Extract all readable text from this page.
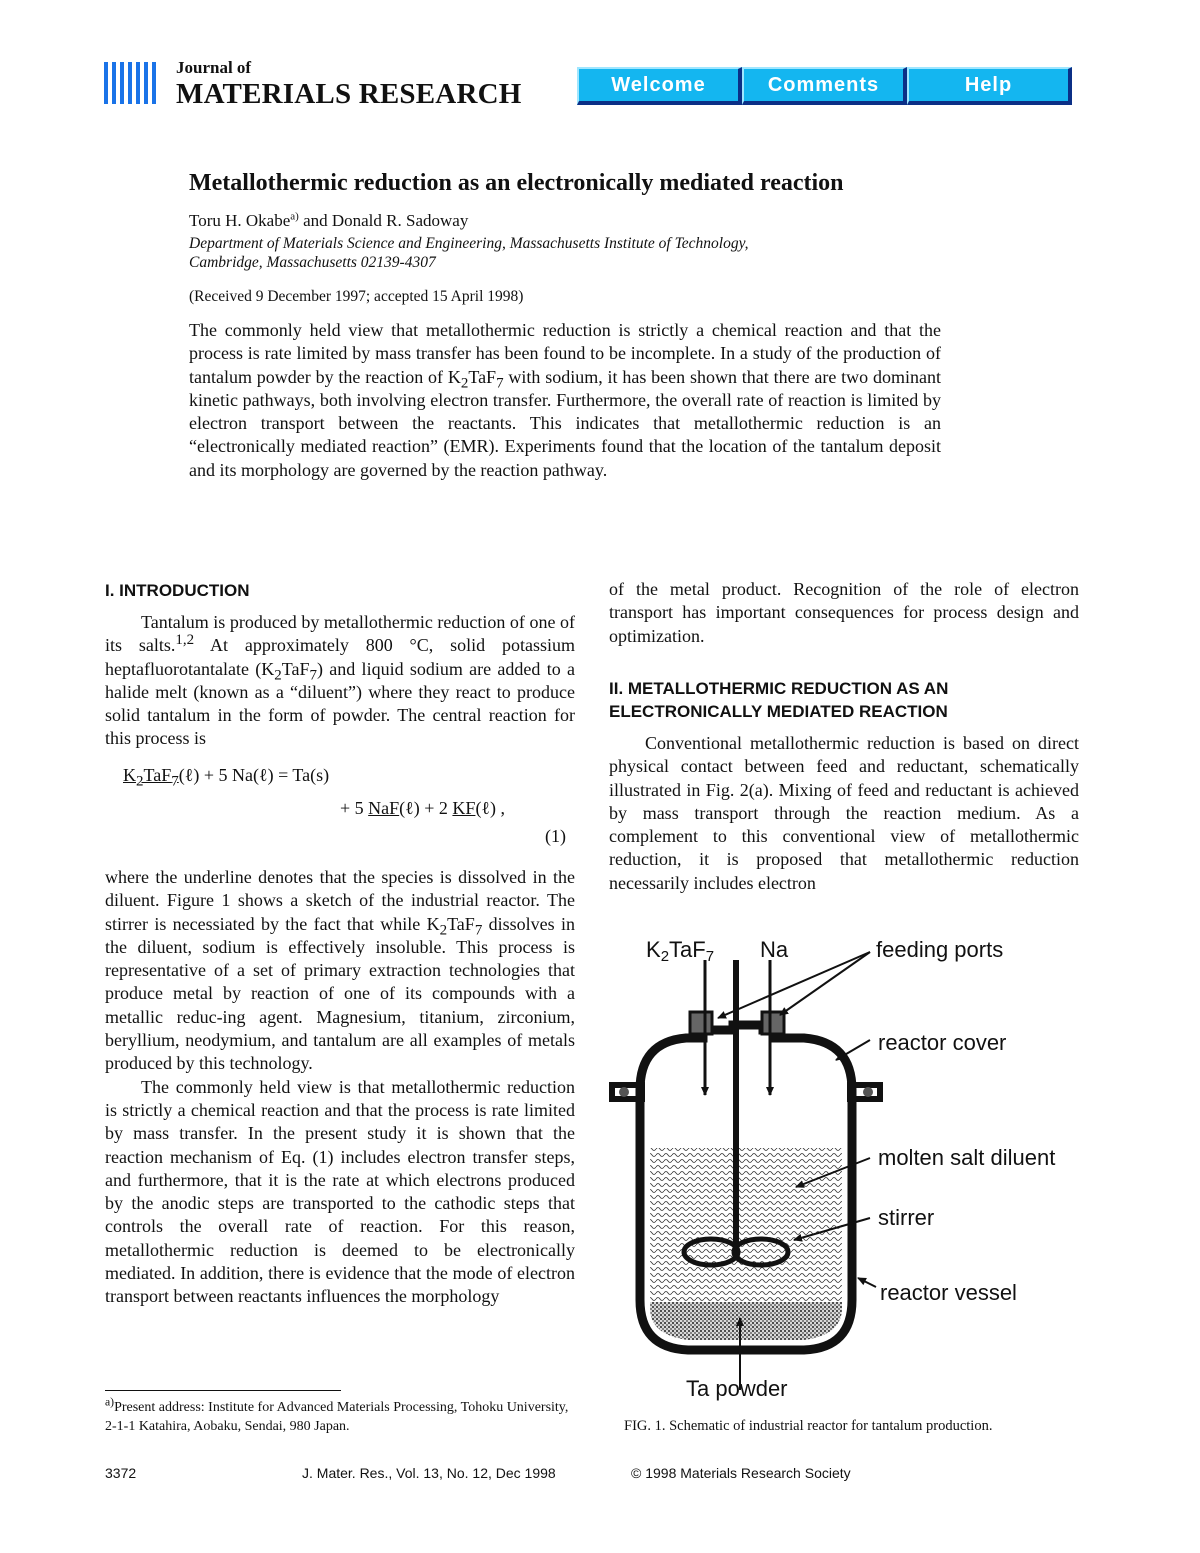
Journal of
MATERIALS RESEARCH	Welcome	Comments	Help
Metallothermic reduction as an electronically mediated reaction
Toru H. Okabe$^{a)}$ and Donald R. Sadoway
Department of Materials Science and Engineering, Massachusetts Institute of Technology,
Cambridge, Massachusetts 02139-4307
(Received 9 December 1997; accepted 15 April 1998)
The commonly held view that metallothermic reduction is strictly a chemical reaction and that the process is rate limited by mass transfer has been found to be incomplete. In a study of the production of tantalum powder by the reaction of $K_2TaF_7$ with sodium, it has been shown that there are two dominant kinetic pathways, both involving electron transfer. Furthermore, the overall rate of reaction is limited by electron transport between the reactants. This indicates that metallothermic reduction is an “electronically mediated reaction” (EMR). Experiments found that the location of the tantalum deposit and its morphology are governed by the reaction pathway.
I. INTRODUCTION

Tantalum is produced by metallothermic reduction of one of its salts.$^{1,2}$ At approximately 800 °C, solid potassium heptafluorotantalate $(K_2TaF_7)$ and liquid sodium are added to a halide melt (known as a “diluent”) where they react to produce solid tantalum in the form of powder. The central reaction for this process is

$K_2TaF_7(\ell) + 5$ Na(ℓ) = Ta(s)
+ 5 NaF(ℓ) + 2 KF(ℓ) ,
(1)

where the underline denotes that the species is dissolved in the diluent. Figure 1 shows a sketch of the industrial reactor. The stirrer is necessiated by the fact that while $K_2TaF_7$ dissolves in the diluent, sodium is effectively insoluble. This process is representative of a set of primary extraction technologies that produce metal by reaction of one of its compounds with a metallic reduc-ing agent. Magnesium, titanium, zirconium, beryllium, neodymium, and tantalum are all examples of metals produced by this technology.

The commonly held view is that metallothermic reduction is strictly a chemical reaction and that the process is rate limited by mass transfer. In the present study it is shown that the reaction mechanism of Eq. (1) includes electron transfer steps, and furthermore, that it is the rate at which electrons produced by the anodic steps are transported to the cathodic steps that controls the overall rate of reaction. For this reason, metallothermic reduction is deemed to be electronically mediated. In addition, there is evidence that the mode of electron transport between reactants influences the morphology

$^{a)}$Present address: Institute for Advanced Materials Processing, Tohoku University, 2-1-1 Katahira, Aobaku, Sendai, 980 Japan.
of the metal product. Recognition of the role of electron transport has important consequences for process design and optimization.
II. METALLOTHERMIC REDUCTION AS AN
ELECTRONICALLY MEDIATED REACTION

Conventional metallothermic reduction is based on direct physical contact between feed and reductant, schematically illustrated in Fig. 2(a). Mixing of feed and reductant is achieved by mass transport through the reaction medium. As a complement to this conventional view of metallothermic reduction, it is proposed that metallothermic reduction necessarily includes electron

K2TaF7 Na	feeding ports
reactor cover
molten salt diluent
stirrer
reactor vessel
Ta powder
FIG. 1. Schematic of industrial reactor for tantalum production.
3372	J. Mater. Res., Vol. 13, No. 12, Dec 1998	© 1998 Materials Research Society
